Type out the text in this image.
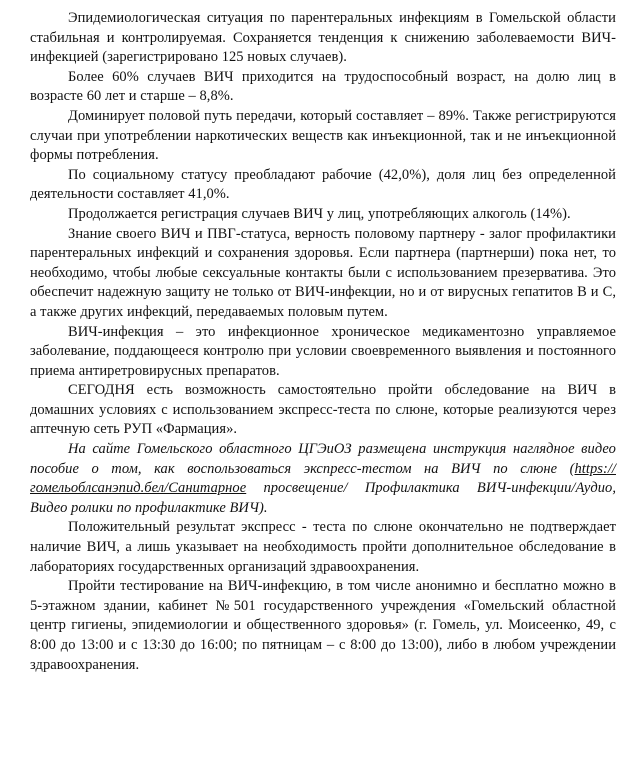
Эпидемиологическая ситуация по парентеральных инфекциям в Гомельской области стабильная и контролируемая. Сохраняется тенденция к снижению заболеваемости ВИЧ-инфекцией (зарегистрировано 125 новых случаев).

Более 60% случаев ВИЧ приходится на трудоспособный возраст, на долю лиц в возрасте 60 лет и старше – 8,8%.

Доминирует половой путь передачи, который составляет – 89%. Также регистрируются случаи при употреблении наркотических веществ как инъекционной, так и не инъекционной формы потребления.

По социальному статусу преобладают рабочие (42,0%), доля лиц без определенной деятельности составляет 41,0%.

Продолжается регистрация случаев ВИЧ у лиц, употребляющих алкоголь (14%).

Знание своего ВИЧ и ПВГ-статуса, верность половому партнеру - залог профилактики парентеральных инфекций и сохранения здоровья. Если партнера (партнерши) пока нет, то необходимо, чтобы любые сексуальные контакты были с использованием презерватива. Это обеспечит надежную защиту не только от ВИЧ-инфекции, но и от вирусных гепатитов В и С, а также других инфекций, передаваемых половым путем.

ВИЧ-инфекция – это инфекционное хроническое медикаментозно управляемое заболевание, поддающееся контролю при условии своевременного выявления и постоянного приема антиретровирусных препаратов.

СЕГОДНЯ есть возможность самостоятельно пройти обследование на ВИЧ в домашних условиях с использованием экспресс-теста по слюне, которые реализуются через аптечную сеть РУП «Фармация».

На сайте Гомельского областного ЦГЭиОЗ размещена инструкция наглядное видео пособие о том, как воспользоваться экспресс-тестом на ВИЧ по слюне (https://гомельоблсанэпид.бел/Санитарное просвещение/ Профилактика ВИЧ-инфекции/Аудио, Видео ролики по профилактике ВИЧ).

Положительный результат экспресс - теста по слюне окончательно не подтверждает наличие ВИЧ, а лишь указывает на необходимость пройти дополнительное обследование в лабораториях государственных организаций здравоохранения.

Пройти тестирование на ВИЧ-инфекцию, в том числе анонимно и бесплатно можно в 5-этажном здании, кабинет №501 государственного учреждения «Гомельский областной центр гигиены, эпидемиологии и общественного здоровья» (г. Гомель, ул. Моисеенко, 49, с 8:00 до 13:00 и с 13:30 до 16:00; по пятницам – с 8:00 до 13:00), либо в любом учреждении здравоохранения.
